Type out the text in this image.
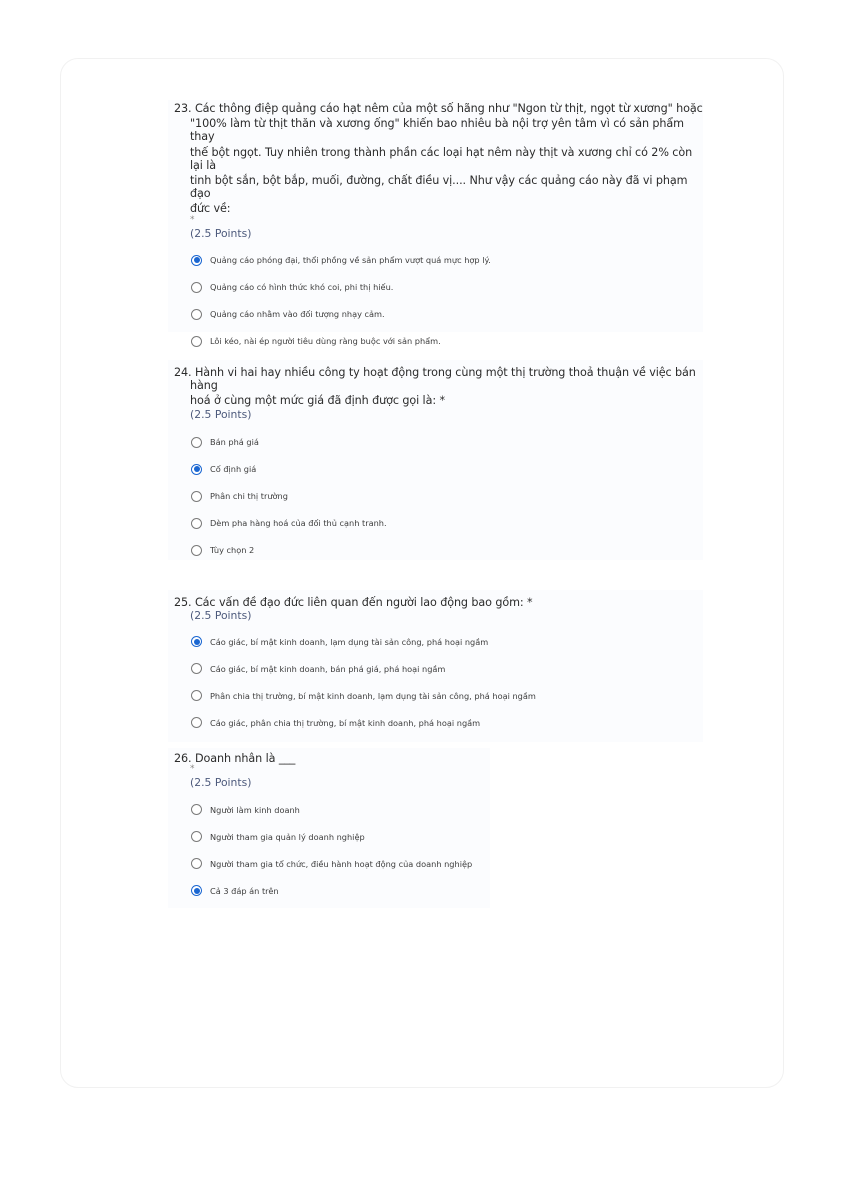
23. Các thông điệp quảng cáo hạt nêm của một số hãng như "Ngon từ thịt, ngọt từ xương" hoặc
"100% làm từ thịt thăn và xương ống" khiến bao nhiêu bà nội trợ yên tâm vì có sản phẩm thay
thế bột ngọt. Tuy nhiên trong thành phần các loại hạt nêm này thịt và xương chỉ có 2% còn lại là
tinh bột sắn, bột bắp, muối, đường, chất điều vị.... Như vậy các quảng cáo này đã vi phạm đạo
đức về:
*
(2.5 Points)
Quảng cáo phóng đại, thổi phồng về sản phẩm vượt quá mực hợp lý.
Quảng cáo có hình thức khó coi, phi thị hiếu.
Quảng cáo nhằm vào đối tượng nhạy cảm.
Lôi kéo, nài ép người tiêu dùng ràng buộc với sản phẩm.
24. Hành vi hai hay nhiều công ty hoạt động trong cùng một thị trường thoả thuận về việc bán hàng
hoá ở cùng một mức giá đã định được gọi là: *
(2.5 Points)
Bán phá giá
Cố định giá
Phân chi thị trường
Dèm pha hàng hoá của đối thủ cạnh tranh.
Tùy chọn 2
25. Các vấn đề đạo đức liên quan đến người lao động bao gồm: *
(2.5 Points)
Cáo giác, bí mật kinh doanh, lạm dụng tài sản công, phá hoại ngầm
Cáo giác, bí mật kinh doanh, bán phá giá, phá hoại ngầm
Phân chia thị trường, bí mật kinh doanh, lạm dụng tài sản công, phá hoại ngầm
Cáo giác, phân chia thị trường, bí mật kinh doanh, phá hoại ngầm
26. Doanh nhân là ___
*
(2.5 Points)
Người làm kinh doanh
Người tham gia quản lý doanh nghiệp
Người tham gia tổ chức, điều hành hoạt động của doanh nghiệp
Cả 3 đáp án trên
